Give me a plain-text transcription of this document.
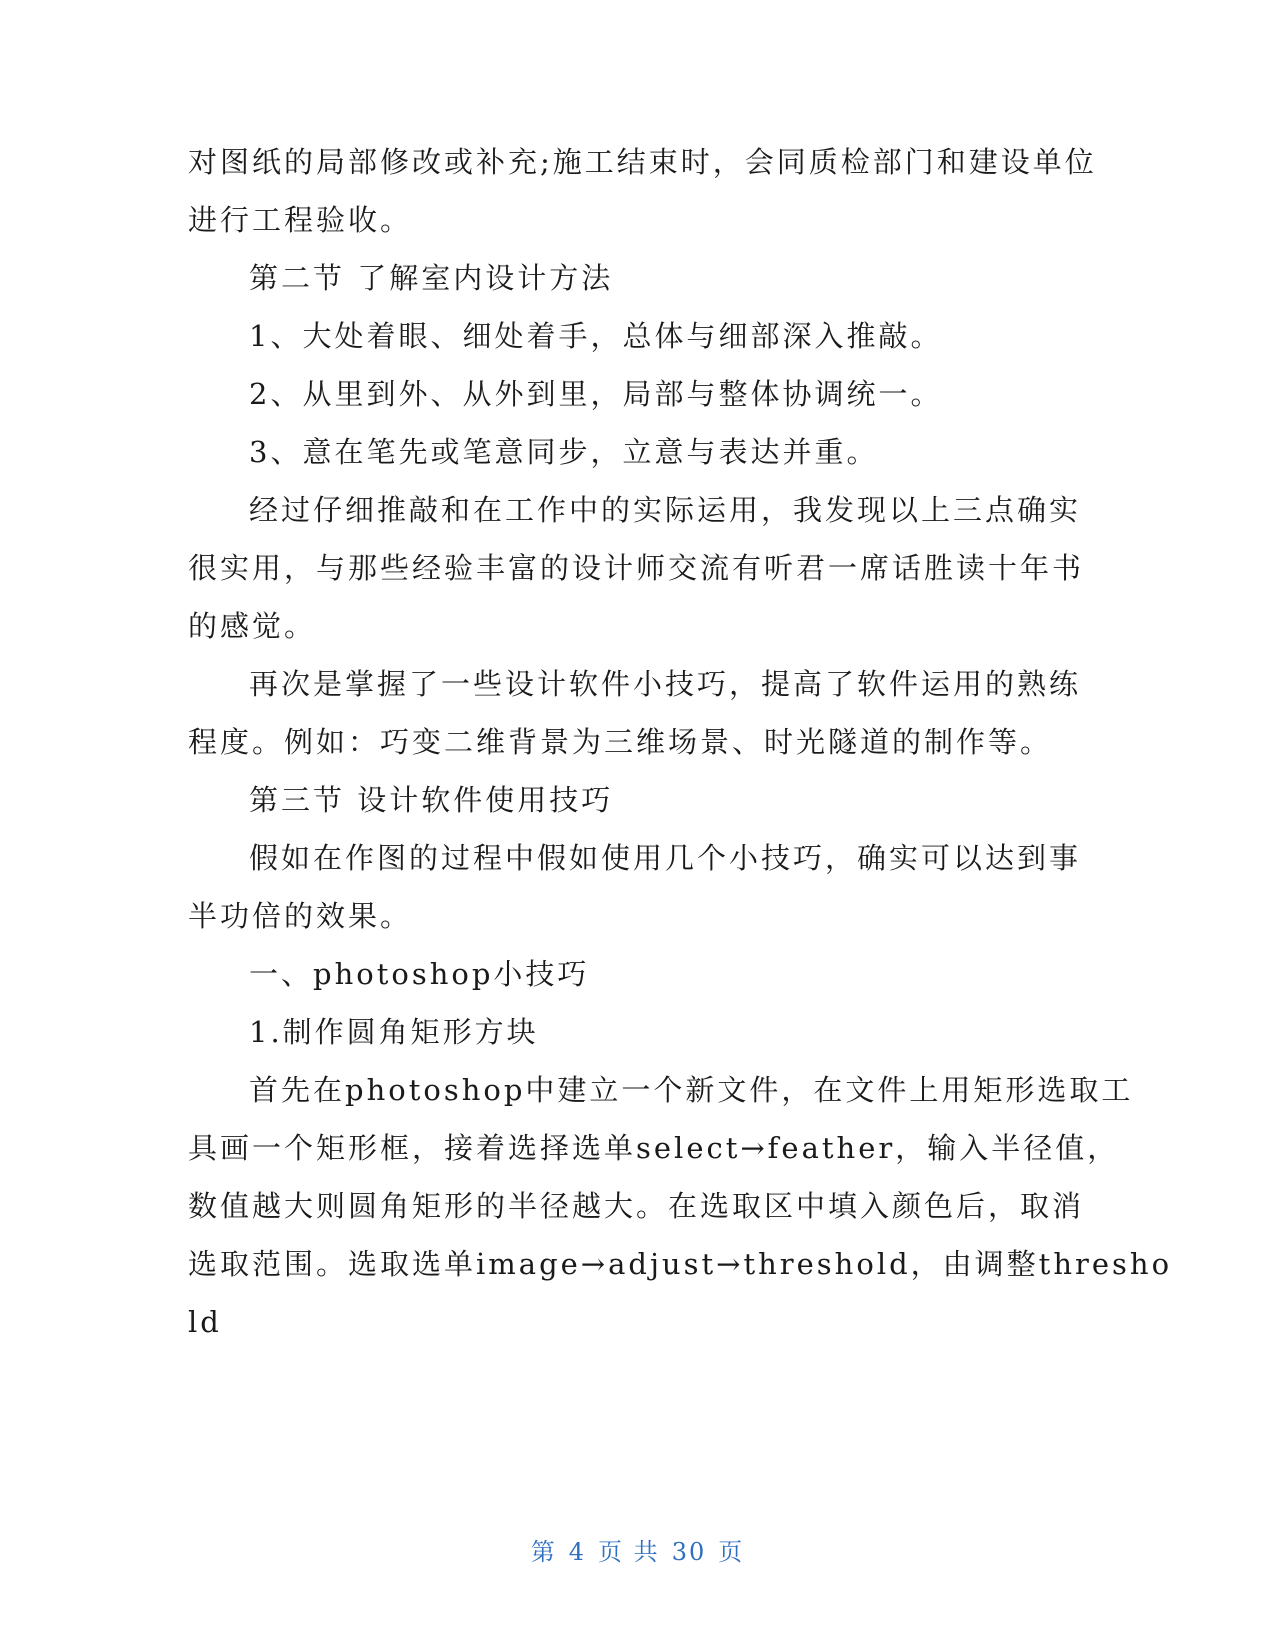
对图纸的局部修改或补充;施工结束时，会同质检部门和建设单位
进行工程验收。
第二节 了解室内设计方法
1、大处着眼、细处着手，总体与细部深入推敲。
2、从里到外、从外到里，局部与整体协调统一。
3、意在笔先或笔意同步，立意与表达并重。
经过仔细推敲和在工作中的实际运用，我发现以上三点确实
很实用，与那些经验丰富的设计师交流有听君一席话胜读十年书
的感觉。
再次是掌握了一些设计软件小技巧，提高了软件运用的熟练
程度。例如：巧变二维背景为三维场景、时光隧道的制作等。
第三节 设计软件使用技巧
假如在作图的过程中假如使用几个小技巧，确实可以达到事
半功倍的效果。
一、photoshop小技巧
1.制作圆角矩形方块
首先在photoshop中建立一个新文件，在文件上用矩形选取工
具画一个矩形框，接着选择选单select→feather，输入半径值，
数值越大则圆角矩形的半径越大。在选取区中填入颜色后，取消
选取范围。选取选单image→adjust→threshold，由调整thresho
ld
第 4 页 共 30 页
